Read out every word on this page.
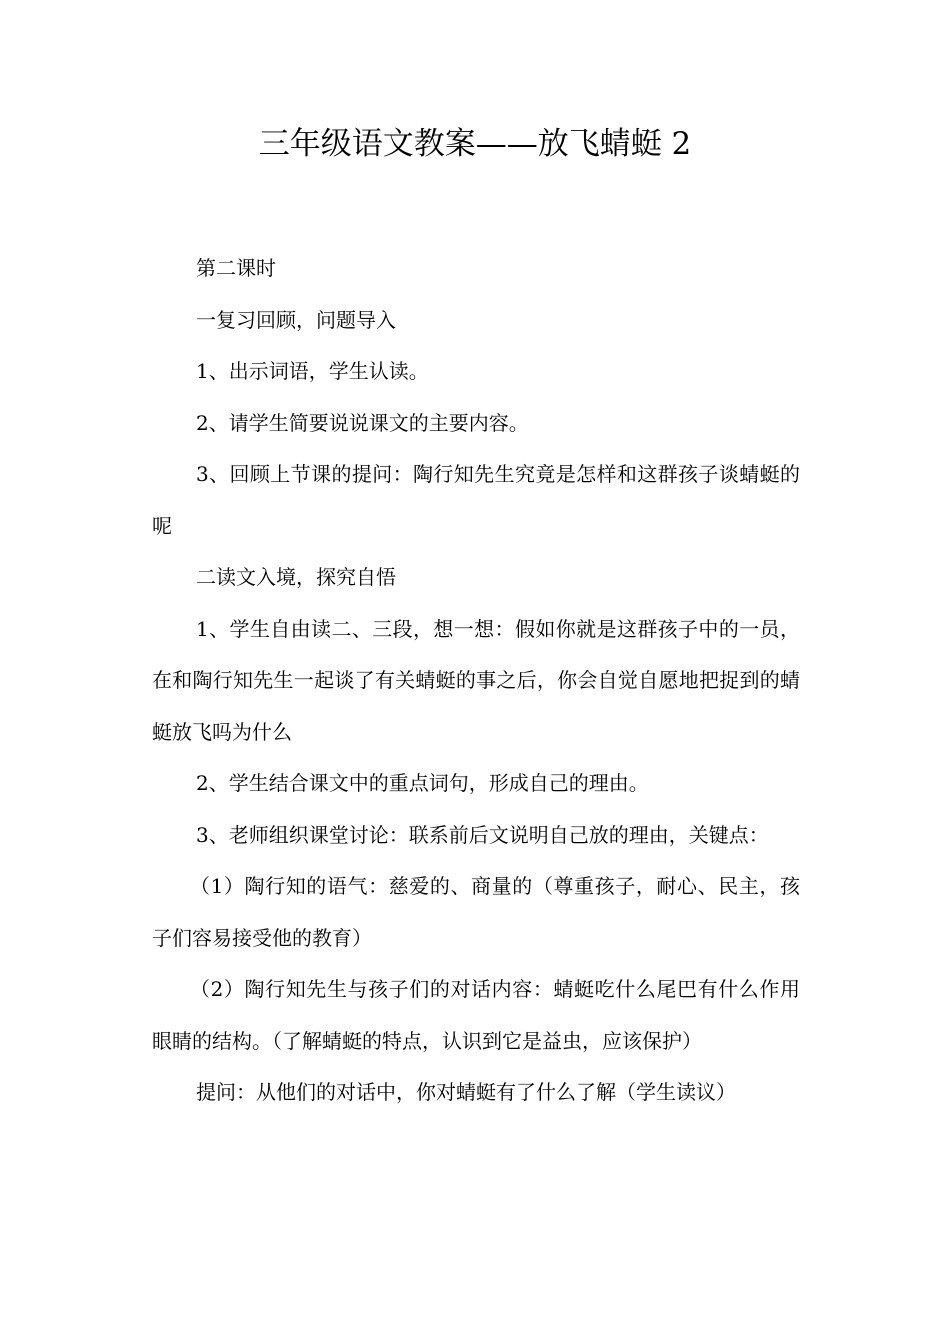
三年级语文教案——放飞蜻蜓 2

第二课时

一复习回顾，问题导入

1、出示词语，学生认读。

2、请学生简要说说课文的主要内容。

3、回顾上节课的提问：陶行知先生究竟是怎样和这群孩子谈蜻蜓的呢

二读文入境，探究自悟

1、学生自由读二、三段，想一想：假如你就是这群孩子中的一员，在和陶行知先生一起谈了有关蜻蜓的事之后，你会自觉自愿地把捉到的蜻蜓放飞吗为什么

2、学生结合课文中的重点词句，形成自己的理由。

3、老师组织课堂讨论：联系前后文说明自己放的理由，关键点：

（1）陶行知的语气：慈爱的、商量的（尊重孩子，耐心、民主，孩子们容易接受他的教育）

（2）陶行知先生与孩子们的对话内容：蜻蜓吃什么尾巴有什么作用眼睛的结构。（了解蜻蜓的特点，认识到它是益虫，应该保护）

提问：从他们的对话中，你对蜻蜓有了什么了解（学生读议）
